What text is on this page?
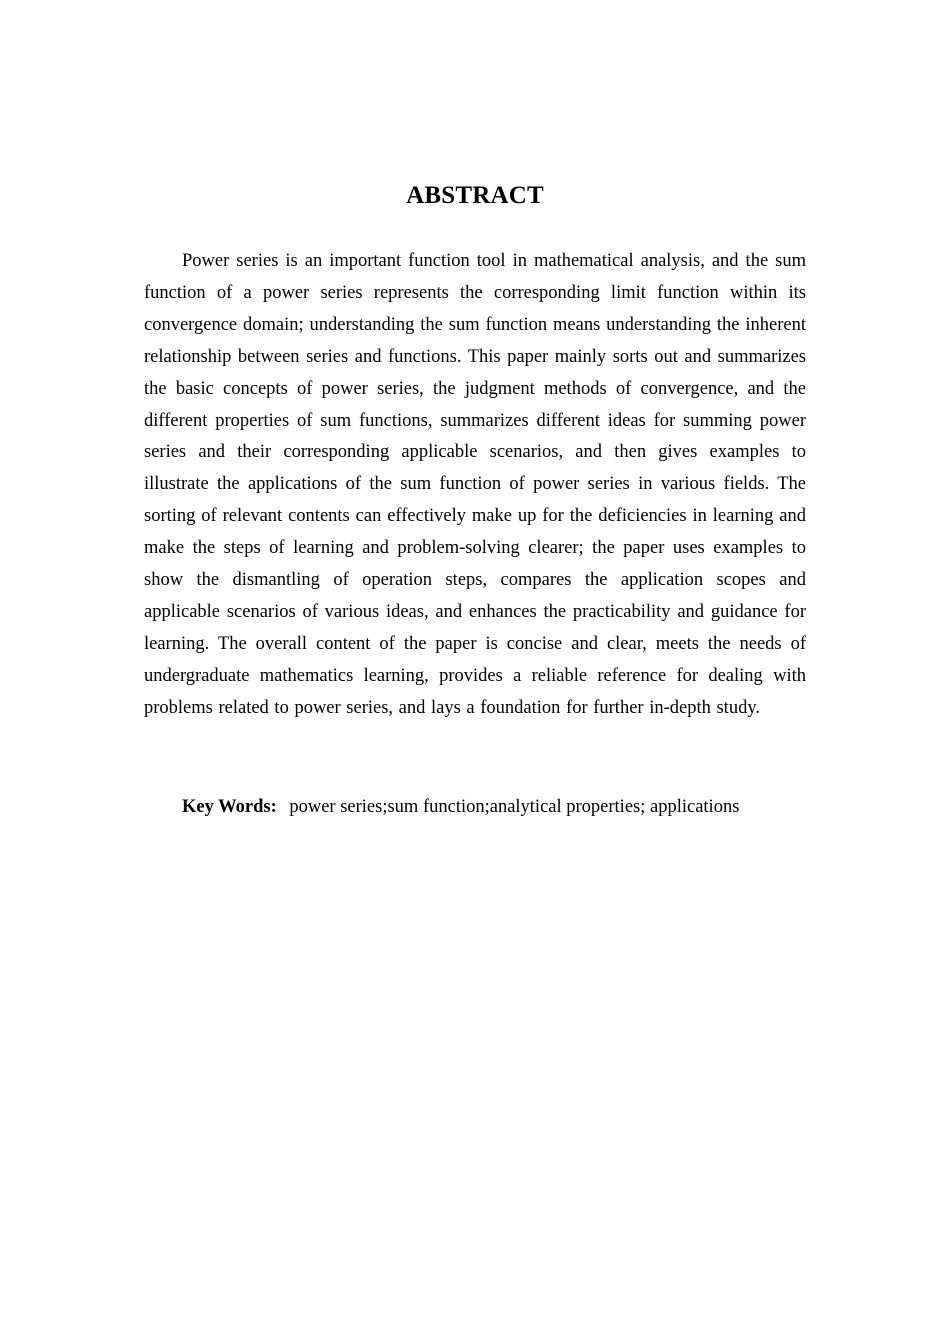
ABSTRACT

Power series is an important function tool in mathematical analysis, and the sum function of a power series represents the corresponding limit function within its convergence domain; understanding the sum function means understanding the inherent relationship between series and functions. This paper mainly sorts out and summarizes the basic concepts of power series, the judgment methods of convergence, and the different properties of sum functions, summarizes different ideas for summing power series and their corresponding applicable scenarios, and then gives examples to illustrate the applications of the sum function of power series in various fields. The sorting of relevant contents can effectively make up for the deficiencies in learning and make the steps of learning and problem-solving clearer; the paper uses examples to show the dismantling of operation steps, compares the application scopes and applicable scenarios of various ideas, and enhances the practicability and guidance for learning. The overall content of the paper is concise and clear, meets the needs of undergraduate mathematics learning, provides a reliable reference for dealing with problems related to power series, and lays a foundation for further in-depth study.

Key Words: power series;sum function;analytical properties; applications
